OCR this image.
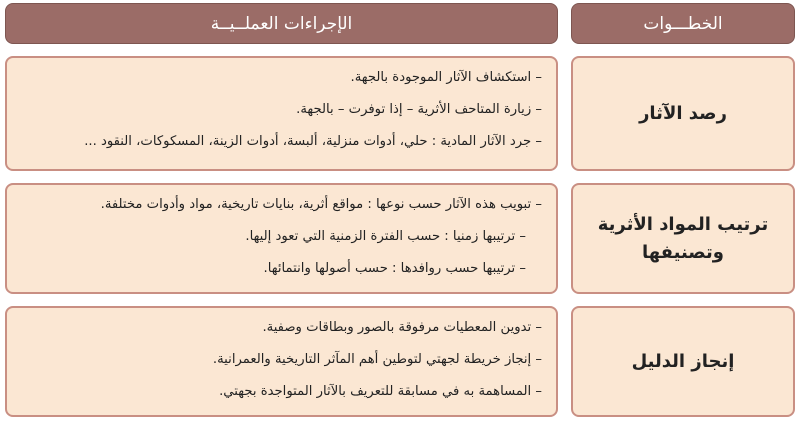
الخطـــوات
الإجراءات العملــيــة
رصد الآثار
– استكشاف الآثار الموجودة بالجهة.
– زيارة المتاحف الأثرية – إذا توفرت – بالجهة.
– جرد الآثار المادية : حلي، أدوات منزلية، ألبسة، أدوات الزينة، المسكوكات، النقود ...
ترتيب المواد الأثرية وتصنيفها
– تبويب هذه الآثار حسب نوعها : مواقع أثرية، بنايات تاريخية، مواد وأدوات مختلفة.
– ترتيبها زمنيا : حسب الفترة الزمنية التي تعود إليها.
– ترتيبها حسب روافدها : حسب أصولها وانتمائها.
إنجاز الدليل
– تدوين المعطيات مرفوقة بالصور وبطاقات وصفية.
– إنجاز خريطة لجهتي لتوطين أهم المآثر التاريخية والعمرانية.
– المساهمة به في مسابقة للتعريف بالآثار المتواجدة بجهتي.
